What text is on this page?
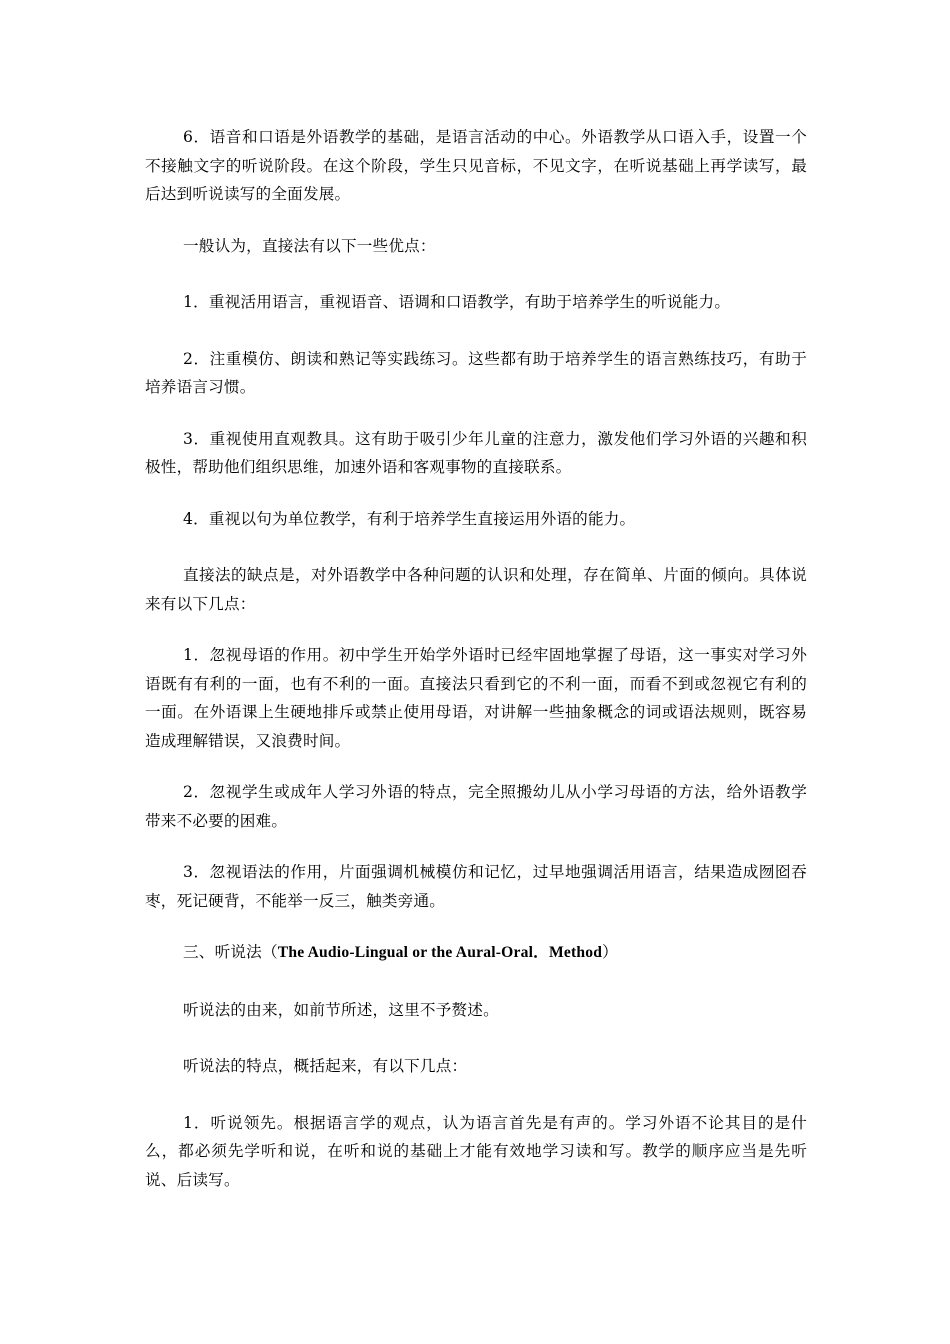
6．语音和口语是外语教学的基础，是语言活动的中心。外语教学从口语入手，设置一个不接触文字的听说阶段。在这个阶段，学生只见音标，不见文字，在听说基础上再学读写，最后达到听说读写的全面发展。

一般认为，直接法有以下一些优点：

1．重视活用语言，重视语音、语调和口语教学，有助于培养学生的听说能力。

2．注重模仿、朗读和熟记等实践练习。这些都有助于培养学生的语言熟练技巧，有助于培养语言习惯。

3．重视使用直观教具。这有助于吸引少年儿童的注意力，激发他们学习外语的兴趣和积极性，帮助他们组织思维，加速外语和客观事物的直接联系。

4．重视以句为单位教学，有利于培养学生直接运用外语的能力。

直接法的缺点是，对外语教学中各种问题的认识和处理，存在简单、片面的倾向。具体说来有以下几点：

1．忽视母语的作用。初中学生开始学外语时已经牢固地掌握了母语，这一事实对学习外语既有有利的一面，也有不利的一面。直接法只看到它的不利一面，而看不到或忽视它有利的一面。在外语课上生硬地排斥或禁止使用母语，对讲解一些抽象概念的词或语法规则，既容易造成理解错误，又浪费时间。

2．忽视学生或成年人学习外语的特点，完全照搬幼儿从小学习母语的方法，给外语教学带来不必要的困难。

3．忽视语法的作用，片面强调机械模仿和记忆，过早地强调活用语言，结果造成囫囵吞枣，死记硬背，不能举一反三，触类旁通。

三、听说法（The Audio-Lingual or the Aural-Oral．Method）

听说法的由来，如前节所述，这里不予赘述。

听说法的特点，概括起来，有以下几点：

1．听说领先。根据语言学的观点，认为语言首先是有声的。学习外语不论其目的是什么，都必须先学听和说，在听和说的基础上才能有效地学习读和写。教学的顺序应当是先听说、后读写。
